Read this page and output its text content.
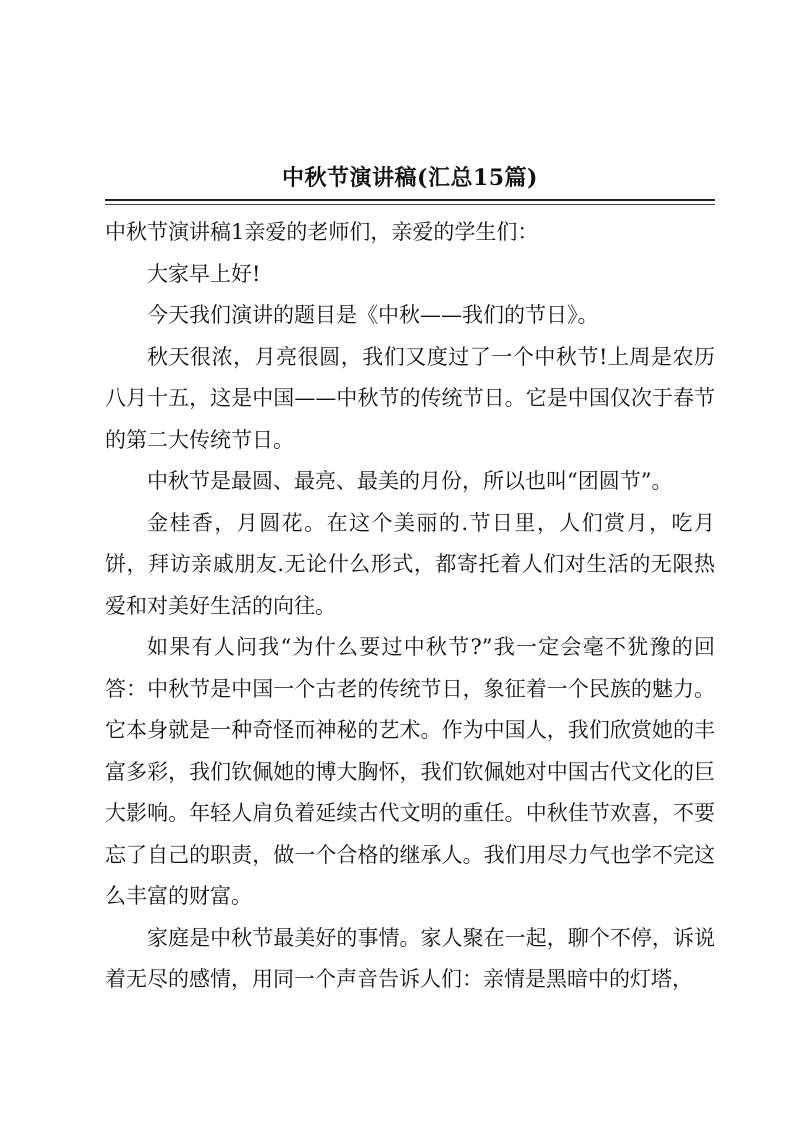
中秋节演讲稿(汇总15篇)

中秋节演讲稿1亲爱的老师们，亲爱的学生们：

大家早上好!

今天我们演讲的题目是《中秋——我们的节日》。

秋天很浓，月亮很圆，我们又度过了一个中秋节!上周是农历八月十五，这是中国——中秋节的传统节日。它是中国仅次于春节的第二大传统节日。

中秋节是最圆、最亮、最美的月份，所以也叫“团圆节”。

金桂香，月圆花。在这个美丽的.节日里，人们赏月，吃月饼，拜访亲戚朋友.无论什么形式，都寄托着人们对生活的无限热爱和对美好生活的向往。

如果有人问我“为什么要过中秋节?”我一定会毫不犹豫的回答：中秋节是中国一个古老的传统节日，象征着一个民族的魅力。它本身就是一种奇怪而神秘的艺术。作为中国人，我们欣赏她的丰富多彩，我们钦佩她的博大胸怀，我们钦佩她对中国古代文化的巨大影响。年轻人肩负着延续古代文明的重任。中秋佳节欢喜，不要忘了自己的职责，做一个合格的继承人。我们用尽力气也学不完这么丰富的财富。

家庭是中秋节最美好的事情。家人聚在一起，聊个不停，诉说着无尽的感情，用同一个声音告诉人们：亲情是黑暗中的灯塔，
